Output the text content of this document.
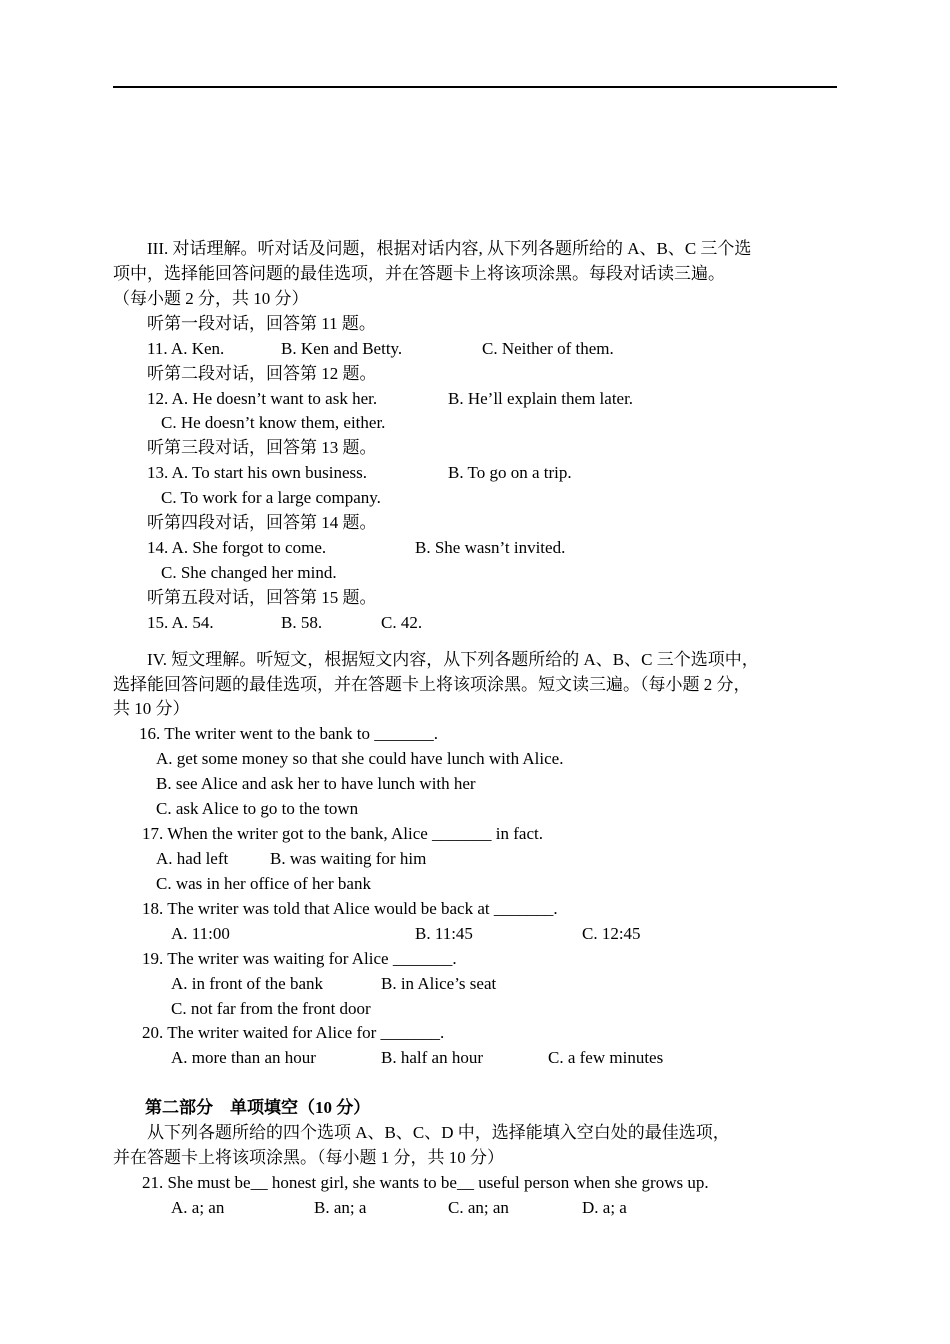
III. 对话理解。听对话及问题，根据对话内容, 从下列各题所给的 A、B、C 三个选
项中，选择能回答问题的最佳选项，并在答题卡上将该项涂黑。每段对话读三遍。
（每小题 2 分，共 10 分）
听第一段对话，回答第 11 题。
11. A. Ken.	B. Ken and Betty.	C. Neither of them.
听第二段对话，回答第 12 题。
12. A. He doesn’t want to ask her.	B. He’ll explain them later.
C. He doesn’t know them, either.
听第三段对话，回答第 13 题。
13. A. To start his own business.	B. To go on a trip.
C. To work for a large company.
听第四段对话，回答第 14 题。
14. A. She forgot to come.	B. She wasn’t invited.
C. She changed her mind.
听第五段对话，回答第 15 题。
15. A. 54.	B. 58.	C. 42.
IV. 短文理解。听短文，根据短文内容，从下列各题所给的 A、B、C 三个选项中，
选择能回答问题的最佳选项，并在答题卡上将该项涂黑。短文读三遍。（每小题 2 分，
共 10 分）
16. The writer went to the bank to _______.
A. get some money so that she could have lunch with Alice.
B. see Alice and ask her to have lunch with her
C. ask Alice to go to the town
17. When the writer got to the bank, Alice _______ in fact.
A. had left B. was waiting for him
C. was in her office of her bank
18. The writer was told that Alice would be back at _______.
A. 11:00	B. 11:45	C. 12:45
19. The writer was waiting for Alice _______.
A. in front of the bank	B. in Alice’s seat
C. not far from the front door
20. The writer waited for Alice for _______.
A. more than an hour	B. half an hour	C. a few minutes
第二部分　单项填空（10 分）
从下列各题所给的四个选项 A、B、C、D 中，选择能填入空白处的最佳选项，
并在答题卡上将该项涂黑。（每小题 1 分，共 10 分）
21. She must be__ honest girl, she wants to be__ useful person when she grows up.
A. a; an	B. an; a	C. an; an	D. a; a
